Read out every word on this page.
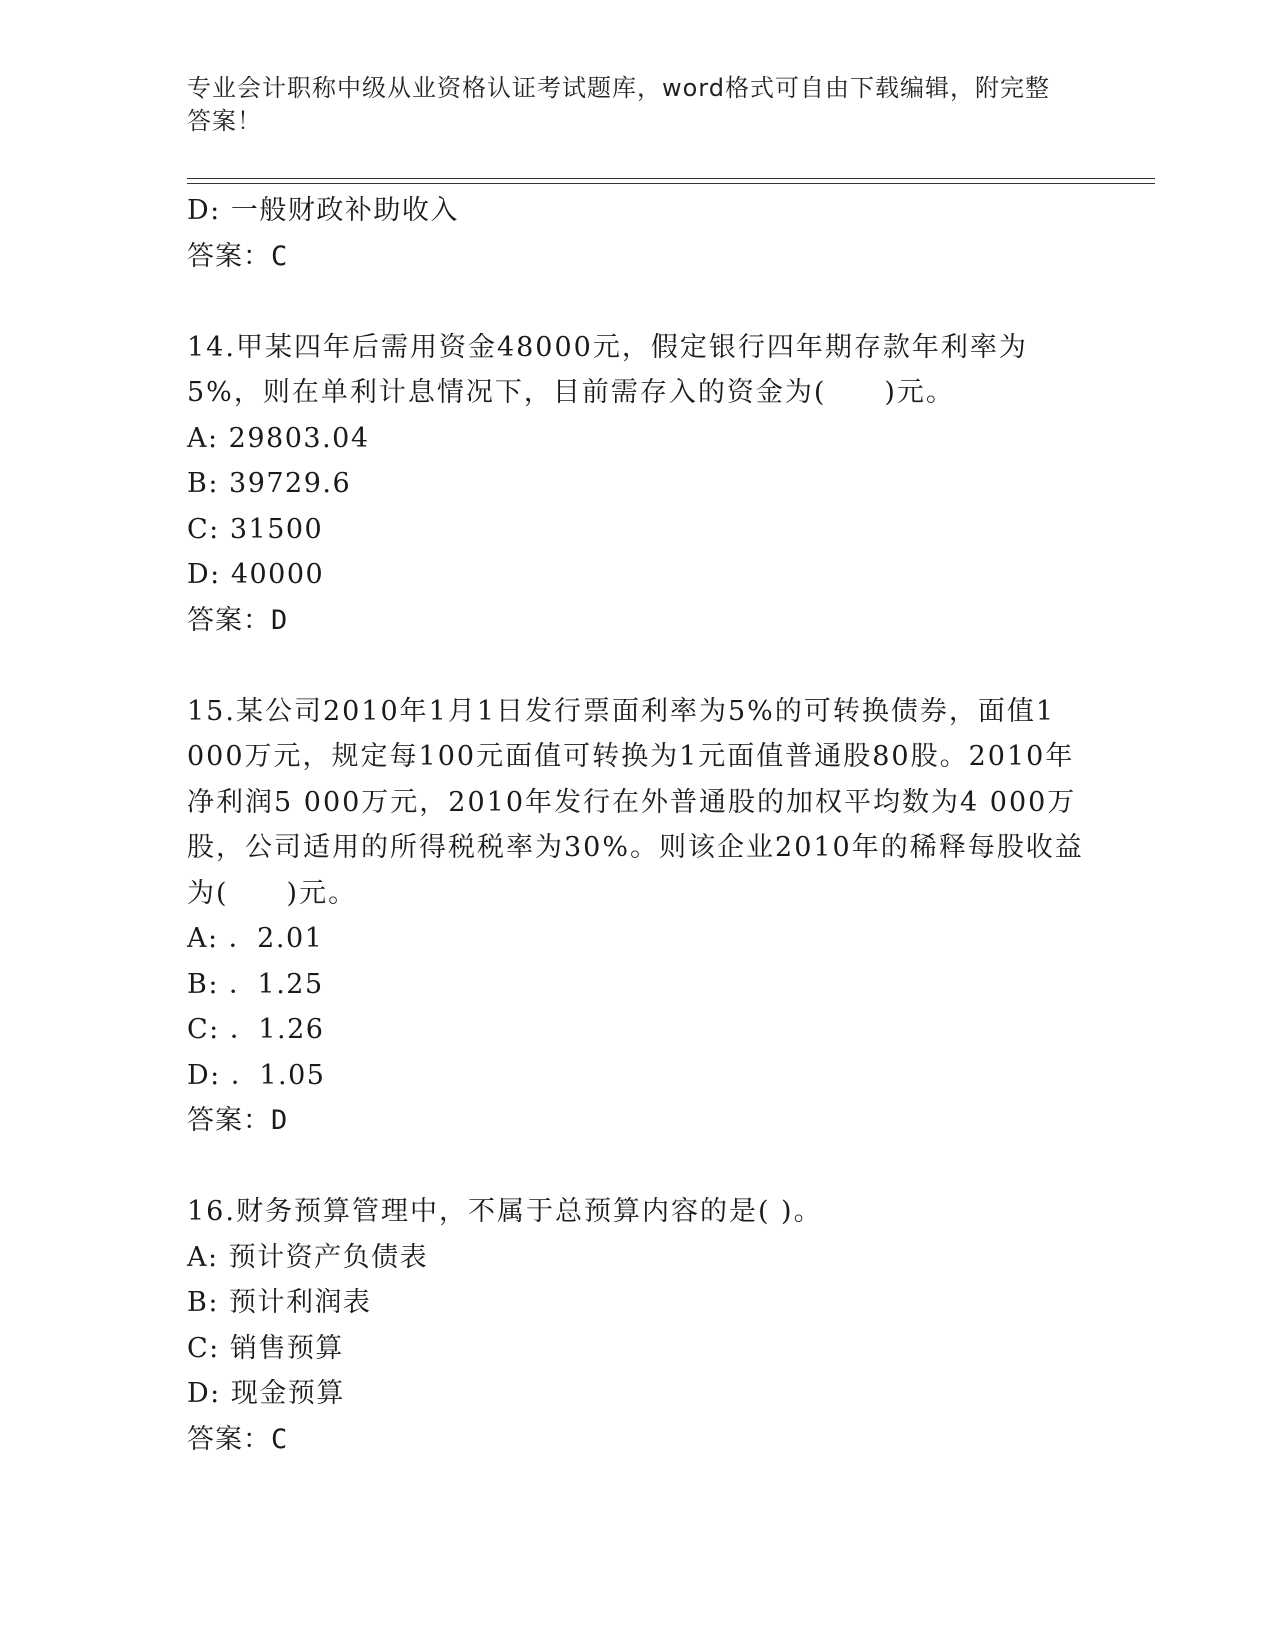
专业会计职称中级从业资格认证考试题库，word格式可自由下载编辑，附完整答案！
D: 一般财政补助收入
答案：C
14.甲某四年后需用资金48000元，假定银行四年期存款年利率为5%，则在单利计息情况下，目前需存入的资金为(　　)元。
A: 29803.04
B: 39729.6
C: 31500
D: 40000
答案：D
15.某公司2010年1月1日发行票面利率为5%的可转换债券，面值1 000万元，规定每100元面值可转换为1元面值普通股80股。2010年净利润5 000万元，2010年发行在外普通股的加权平均数为4 000万股，公司适用的所得税税率为30%。则该企业2010年的稀释每股收益为(　　)元。
A: ．2.01
B: ．1.25
C: ．1.26
D: ．1.05
答案：D
16.财务预算管理中，不属于总预算内容的是( )。
A: 预计资产负债表
B: 预计利润表
C: 销售预算
D: 现金预算
答案：C
